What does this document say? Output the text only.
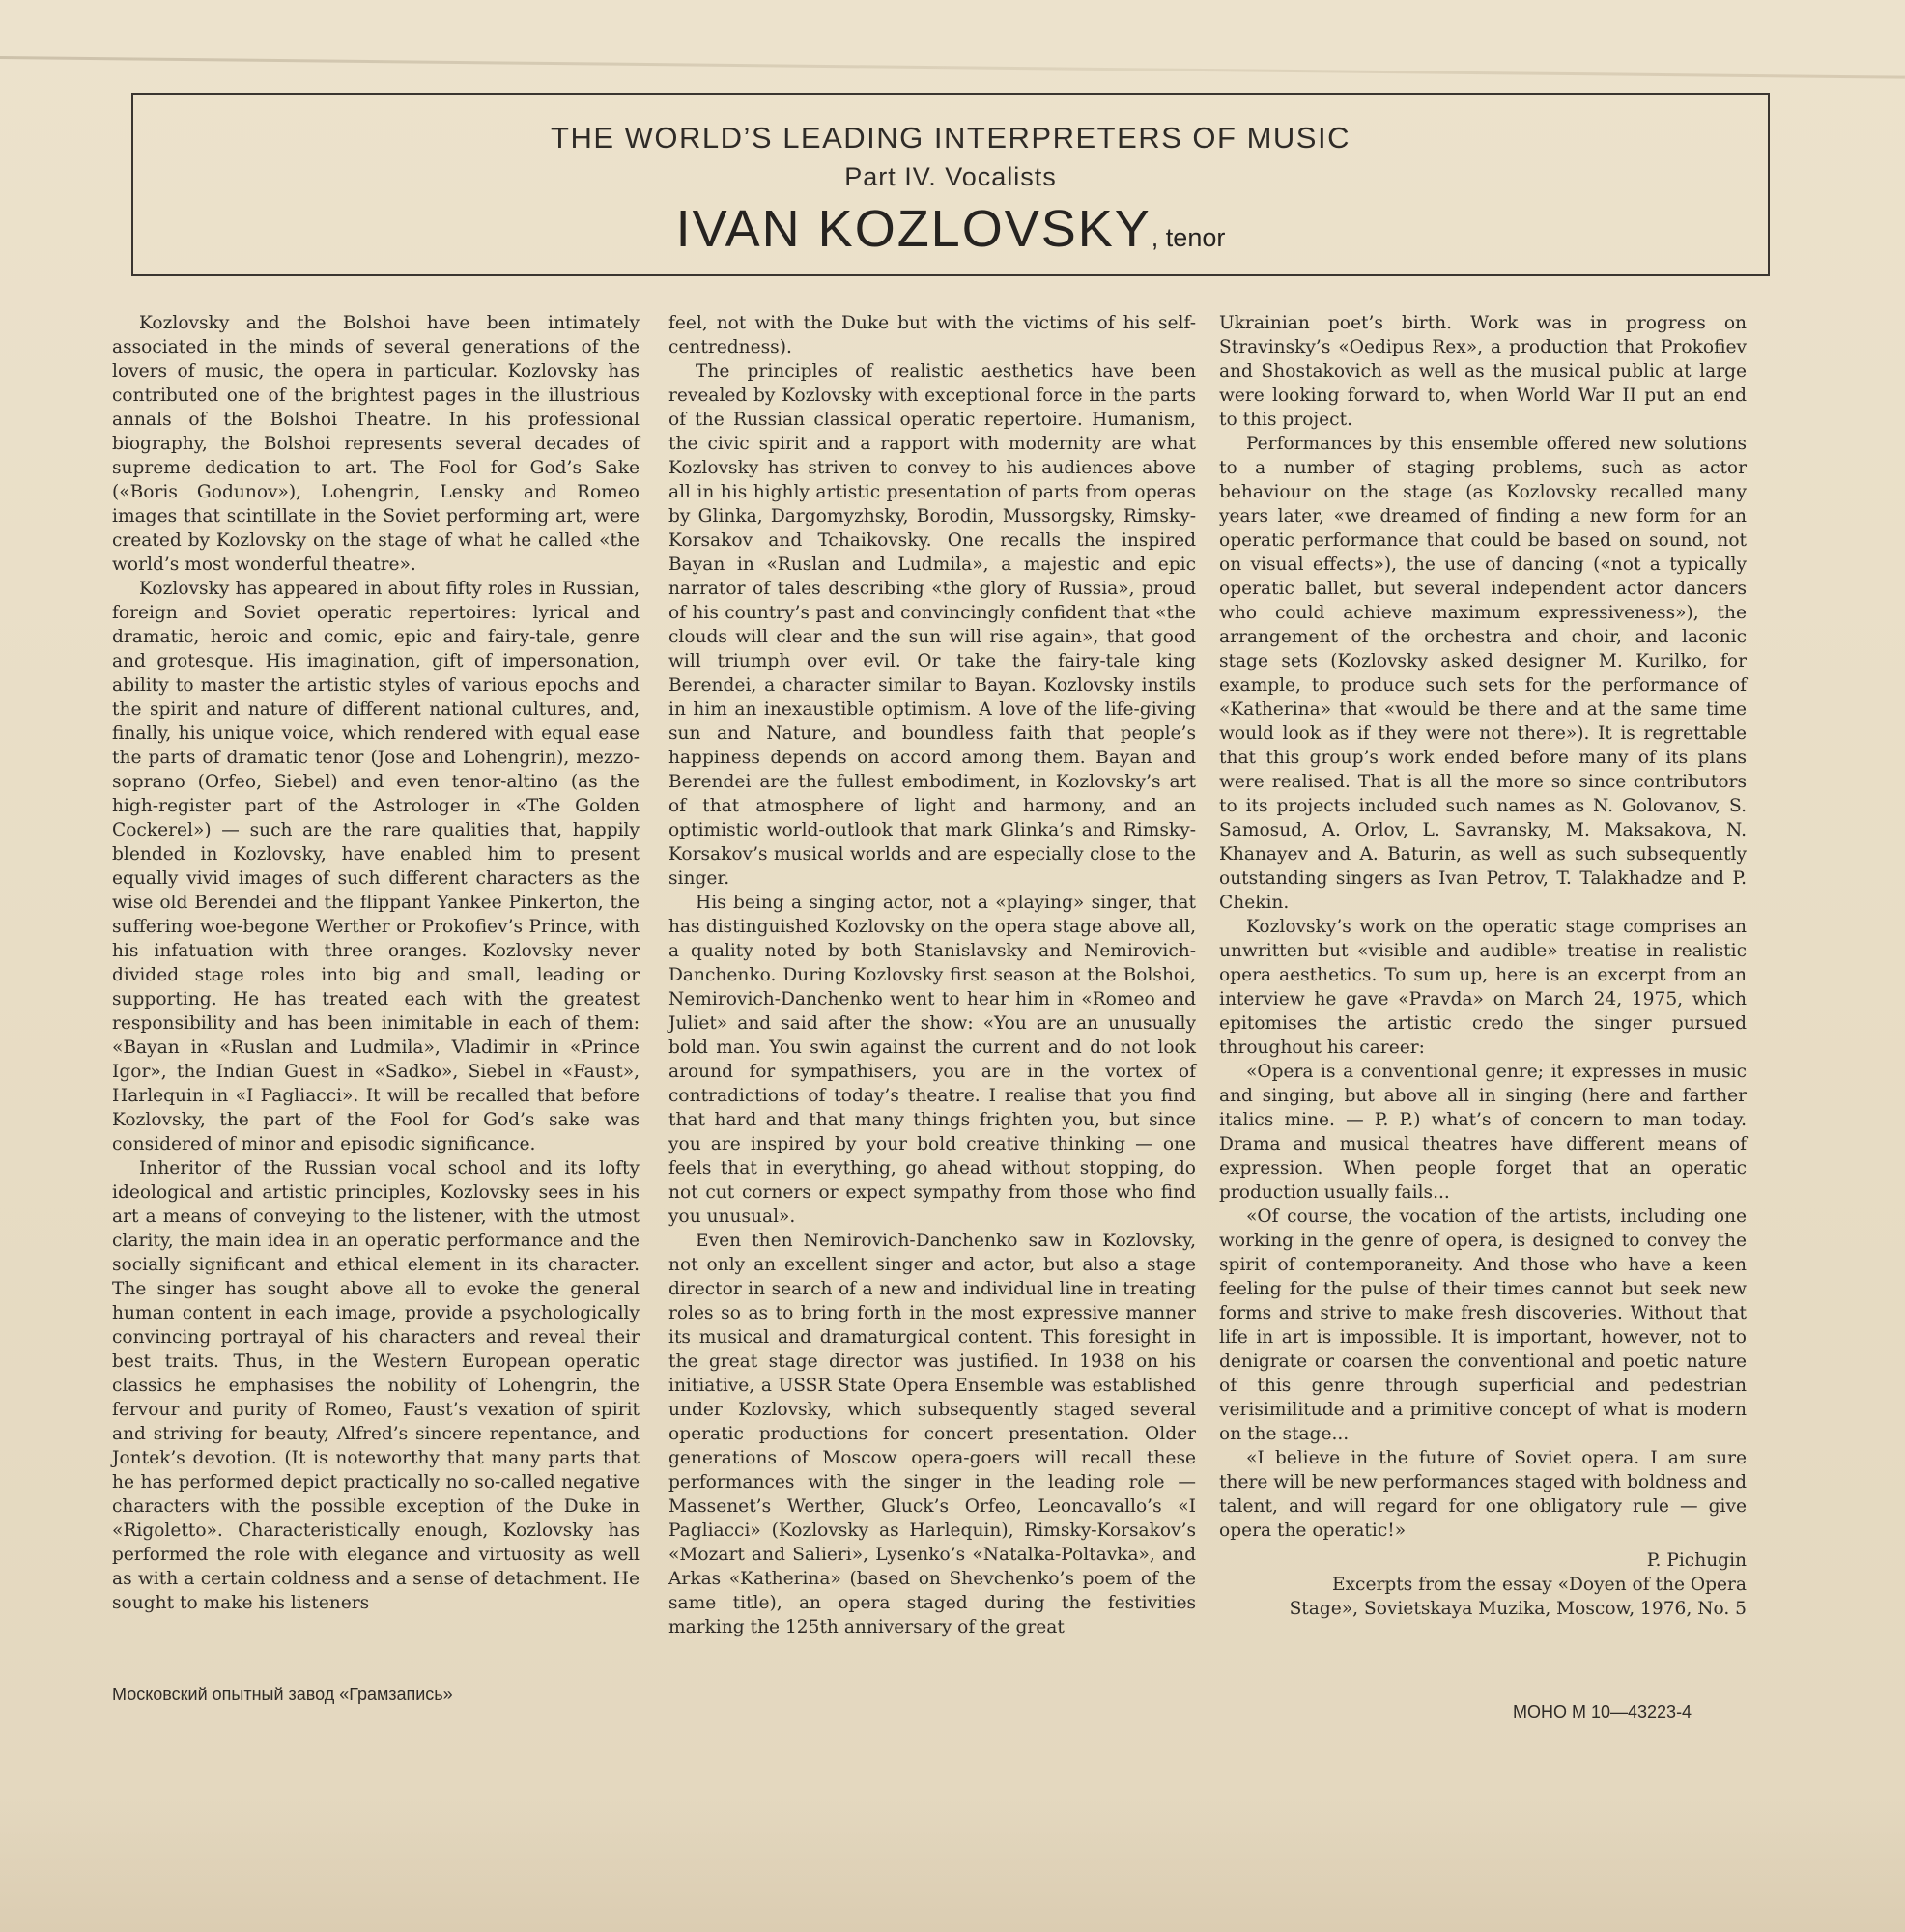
THE WORLD’S LEADING INTERPRETERS OF MUSIC
Part IV. Vocalists
IVAN KOZLOVSKY, tenor

Kozlovsky and the Bolshoi have been intimately associated in the minds of several generations of the lovers of music, the opera in particular. Kozlovsky has contributed one of the brightest pages in the illustrious annals of the Bolshoi Theatre. In his professional biography, the Bolshoi represents several decades of supreme dedication to art. The Fool for God’s Sake («Boris Godunov»), Lohengrin, Lensky and Romeo images that scintillate in the Soviet performing art, were created by Kozlovsky on the stage of what he called «the world’s most wonderful theatre».

Kozlovsky has appeared in about fifty roles in Russian, foreign and Soviet operatic repertoires: lyrical and dramatic, heroic and comic, epic and fairy-tale, genre and grotesque. His imagination, gift of impersonation, ability to master the artistic styles of various epochs and the spirit and nature of different national cultures, and, finally, his unique voice, which rendered with equal ease the parts of dramatic tenor (Jose and Lohengrin), mezzo-soprano (Orfeo, Siebel) and even tenor-altino (as the high-register part of the Astrologer in «The Golden Cockerel») — such are the rare qualities that, happily blended in Kozlovsky, have enabled him to present equally vivid images of such different characters as the wise old Berendei and the flippant Yankee Pinkerton, the suffering woe-begone Werther or Prokofiev’s Prince, with his infatuation with three oranges. Kozlovsky never divided stage roles into big and small, leading or supporting. He has treated each with the greatest responsibility and has been inimitable in each of them: «Bayan in «Ruslan and Ludmila», Vladimir in «Prince Igor», the Indian Guest in «Sadko», Siebel in «Faust», Harlequin in «I Pagliacci». It will be recalled that before Kozlovsky, the part of the Fool for God’s sake was considered of minor and episodic significance.

Inheritor of the Russian vocal school and its lofty ideological and artistic principles, Kozlovsky sees in his art a means of conveying to the listener, with the utmost clarity, the main idea in an operatic performance and the socially significant and ethical element in its character. The singer has sought above all to evoke the general human content in each image, provide a psychologically convincing portrayal of his characters and reveal their best traits. Thus, in the Western European operatic classics he emphasises the nobility of Lohengrin, the fervour and purity of Romeo, Faust’s vexation of spirit and striving for beauty, Alfred’s sincere repentance, and Jontek’s devotion. (It is noteworthy that many parts that he has performed depict practically no so-called negative characters with the possible exception of the Duke in «Rigoletto». Characteristically enough, Kozlovsky has performed the role with elegance and virtuosity as well as with a certain coldness and a sense of detachment. He sought to make his listeners

feel, not with the Duke but with the victims of his self-centredness).

The principles of realistic aesthetics have been revealed by Kozlovsky with exceptional force in the parts of the Russian classical operatic repertoire. Humanism, the civic spirit and a rapport with modernity are what Kozlovsky has striven to convey to his audiences above all in his highly artistic presentation of parts from operas by Glinka, Dargomyzhsky, Borodin, Mussorgsky, Rimsky-Korsakov and Tchaikovsky. One recalls the inspired Bayan in «Ruslan and Ludmila», a majestic and epic narrator of tales describing «the glory of Russia», proud of his country’s past and convincingly confident that «the clouds will clear and the sun will rise again», that good will triumph over evil. Or take the fairy-tale king Berendei, a character similar to Bayan. Kozlovsky instils in him an inexaustible optimism. A love of the life-giving sun and Nature, and boundless faith that people’s happiness depends on accord among them. Bayan and Berendei are the fullest embodiment, in Kozlovsky’s art of that atmosphere of light and harmony, and an optimistic world-outlook that mark Glinka’s and Rimsky-Korsakov’s musical worlds and are especially close to the singer.

His being a singing actor, not a «playing» singer, that has distinguished Kozlovsky on the opera stage above all, a quality noted by both Stanislavsky and Nemirovich-Danchenko. During Kozlovsky first season at the Bolshoi, Nemirovich-Danchenko went to hear him in «Romeo and Juliet» and said after the show: «You are an unusually bold man. You swin against the current and do not look around for sympathisers, you are in the vortex of contradictions of today’s theatre. I realise that you find that hard and that many things frighten you, but since you are inspired by your bold creative thinking — one feels that in everything, go ahead without stopping, do not cut corners or expect sympathy from those who find you unusual».

Even then Nemirovich-Danchenko saw in Kozlovsky, not only an excellent singer and actor, but also a stage director in search of a new and individual line in treating roles so as to bring forth in the most expressive manner its musical and dramaturgical content. This foresight in the great stage director was justified. In 1938 on his initiative, a USSR State Opera Ensemble was established under Kozlovsky, which subsequently staged several operatic productions for concert presentation. Older generations of Moscow opera-goers will recall these performances with the singer in the leading role — Massenet’s Werther, Gluck’s Orfeo, Leoncavallo’s «I Pagliacci» (Kozlovsky as Harlequin), Rimsky-Korsakov’s «Mozart and Salieri», Lysenko’s «Natalka-Poltavka», and Arkas «Katherina» (based on Shevchenko’s poem of the same title), an opera staged during the festivities marking the 125th anniversary of the great

Ukrainian poet’s birth. Work was in progress on Stravinsky’s «Oedipus Rex», a production that Prokofiev and Shostakovich as well as the musical public at large were looking forward to, when World War II put an end to this project.

Performances by this ensemble offered new solutions to a number of staging problems, such as actor behaviour on the stage (as Kozlovsky recalled many years later, «we dreamed of finding a new form for an operatic performance that could be based on sound, not on visual effects»), the use of dancing («not a typically operatic ballet, but several independent actor dancers who could achieve maximum expressiveness»), the arrangement of the orchestra and choir, and laconic stage sets (Kozlovsky asked designer M. Kurilko, for example, to produce such sets for the performance of «Katherina» that «would be there and at the same time would look as if they were not there»). It is regrettable that this group’s work ended before many of its plans were realised. That is all the more so since contributors to its projects included such names as N. Golovanov, S. Samosud, A. Orlov, L. Savransky, M. Maksakova, N. Khanayev and A. Baturin, as well as such subsequently outstanding singers as Ivan Petrov, T. Talakhadze and P. Chekin.

Kozlovsky’s work on the operatic stage comprises an unwritten but «visible and audible» treatise in realistic opera aesthetics. To sum up, here is an excerpt from an interview he gave «Pravda» on March 24, 1975, which epitomises the artistic credo the singer pursued throughout his career:

«Opera is a conventional genre; it expresses in music and singing, but above all in singing (here and farther italics mine. — P. P.) what’s of concern to man today. Drama and musical theatres have different means of expression. When people forget that an operatic production usually fails...

«Of course, the vocation of the artists, including one working in the genre of opera, is designed to convey the spirit of contemporaneity. And those who have a keen feeling for the pulse of their times cannot but seek new forms and strive to make fresh discoveries. Without that life in art is impossible. It is important, however, not to denigrate or coarsen the conventional and poetic nature of this genre through superficial and pedestrian verisimilitude and a primitive concept of what is modern on the stage...

«I believe in the future of Soviet opera. I am sure there will be new performances staged with boldness and talent, and will regard for one obligatory rule — give opera the operatic!»

P. Pichugin

Excerpts from the essay «Doyen of the Opera
Stage», Sovietskaya Muzika, Moscow, 1976, No. 5

Московский опытный завод «Грамзапись»
МОНО М 10—43223-4
